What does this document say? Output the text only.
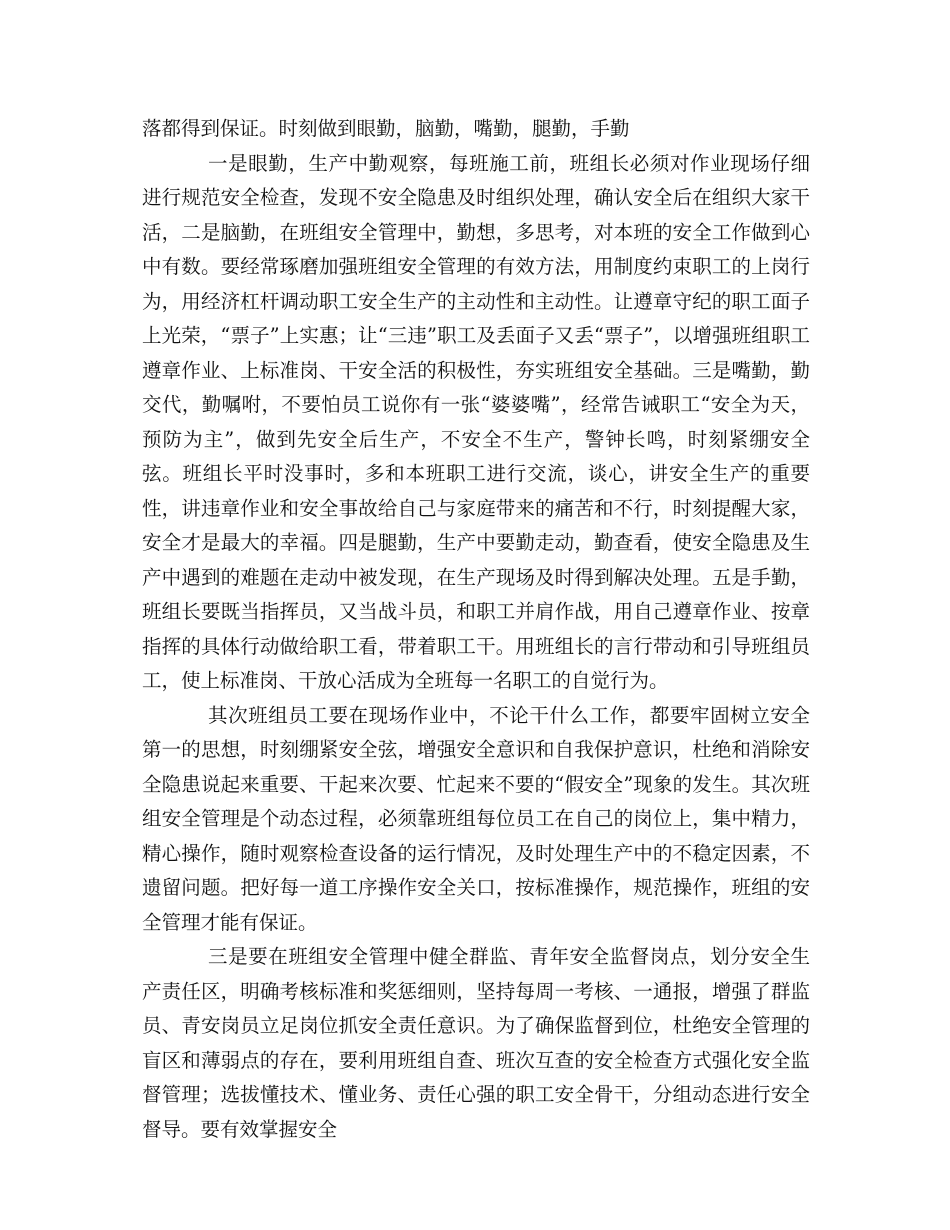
落都得到保证。时刻做到眼勤，脑勤，嘴勤，腿勤，手勤

一是眼勤，生产中勤观察，每班施工前，班组长必须对作业现场仔细进行规范安全检查，发现不安全隐患及时组织处理，确认安全后在组织大家干活，二是脑勤，在班组安全管理中，勤想，多思考，对本班的安全工作做到心中有数。要经常琢磨加强班组安全管理的有效方法，用制度约束职工的上岗行为，用经济杠杆调动职工安全生产的主动性和主动性。让遵章守纪的职工面子上光荣，“票子”上实惠；让“三违”职工及丢面子又丢“票子”，以增强班组职工遵章作业、上标准岗、干安全活的积极性，夯实班组安全基础。三是嘴勤，勤交代，勤嘱咐，不要怕员工说你有一张“婆婆嘴”，经常告诫职工“安全为天，预防为主”，做到先安全后生产，不安全不生产，警钟长鸣，时刻紧绷安全弦。班组长平时没事时，多和本班职工进行交流，谈心，讲安全生产的重要性，讲违章作业和安全事故给自己与家庭带来的痛苦和不行，时刻提醒大家，安全才是最大的幸福。四是腿勤，生产中要勤走动，勤查看，使安全隐患及生产中遇到的难题在走动中被发现，在生产现场及时得到解决处理。五是手勤，班组长要既当指挥员，又当战斗员，和职工并肩作战，用自己遵章作业、按章指挥的具体行动做给职工看，带着职工干。用班组长的言行带动和引导班组员工，使上标准岗、干放心活成为全班每一名职工的自觉行为。

其次班组员工要在现场作业中，不论干什么工作，都要牢固树立安全第一的思想，时刻绷紧安全弦，增强安全意识和自我保护意识，杜绝和消除安全隐患说起来重要、干起来次要、忙起来不要的“假安全”现象的发生。其次班组安全管理是个动态过程，必须靠班组每位员工在自己的岗位上，集中精力，精心操作，随时观察检查设备的运行情况，及时处理生产中的不稳定因素，不遗留问题。把好每一道工序操作安全关口，按标准操作，规范操作，班组的安全管理才能有保证。

三是要在班组安全管理中健全群监、青年安全监督岗点，划分安全生产责任区，明确考核标准和奖惩细则，坚持每周一考核、一通报，增强了群监员、青安岗员立足岗位抓安全责任意识。为了确保监督到位，杜绝安全管理的盲区和薄弱点的存在，要利用班组自查、班次互查的安全检查方式强化安全监督管理；选拔懂技术、懂业务、责任心强的职工安全骨干，分组动态进行安全督导。要有效掌握安全
